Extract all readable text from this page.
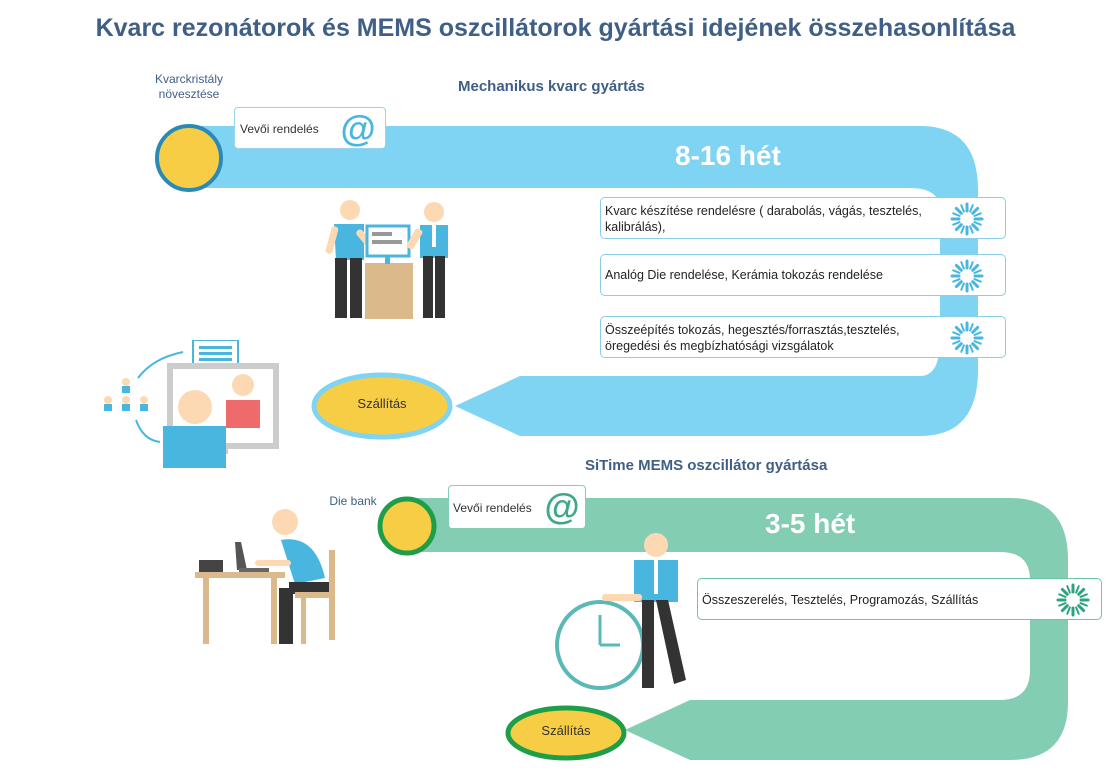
Kvarc rezonátorok és MEMS oszcillátorok gyártási idejének összehasonlítása
Mechanikus kvarc gyártás
Kvarckristály
növesztése
Vevői rendelés @
8-16 hét
Kvarc készítése rendelésre ( darabolás, vágás, tesztelés, kalibrálás),
Analóg Die rendelése, Kerámia tokozás rendelése
Összeépítés tokozás, hegesztés/forrasztás,tesztelés, öregedési és megbízhatósági vizsgálatok
Szállítás
SiTime MEMS oszcillátor gyártása
Die bank	Vevői rendelés @	3-5 hét
Összeszerelés, Tesztelés, Programozás, Szállítás
Szállítás
